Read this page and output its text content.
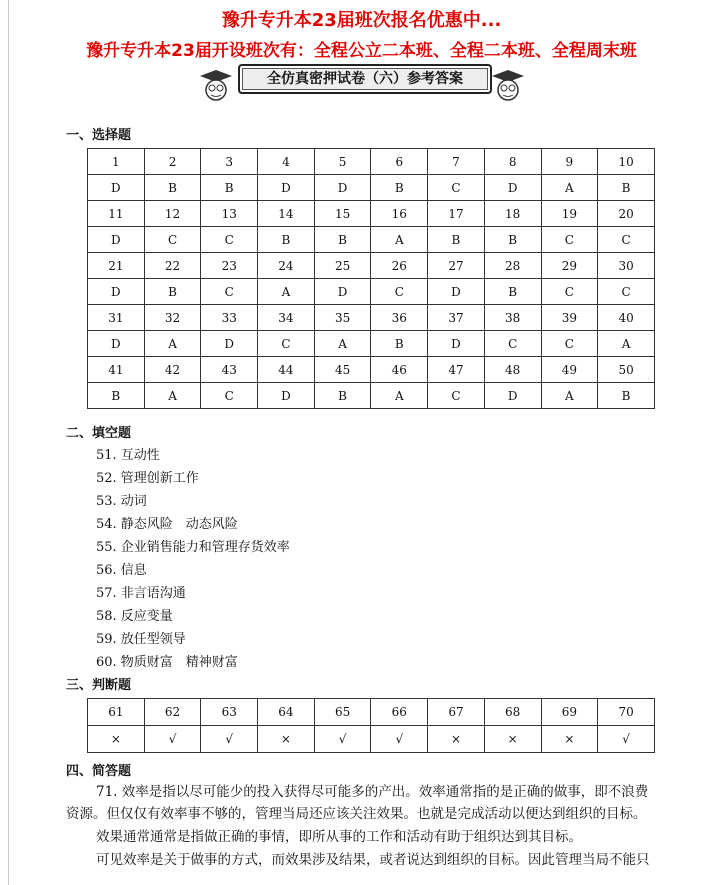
豫升专升本23届班次报名优惠中...
豫升专升本23届开设班次有：全程公立二本班、全程二本班、全程周末班
全仿真密押试卷（六）参考答案
一、选择题
1	2	3	4	5	6	7	8	9	10
D	B	B	D	D	B	C	D	A	B
11	12	13	14	15	16	17	18	19	20
D	C	C	B	B	A	B	B	C	C
21	22	23	24	25	26	27	28	29	30
D	B	C	A	D	C	D	B	C	C
31	32	33	34	35	36	37	38	39	40
D	A	D	C	A	B	D	C	C	A
41	42	43	44	45	46	47	48	49	50
B	A	C	D	B	A	C	D	A	B
二、填空题
51. 互动性
52. 管理创新工作
53. 动词
54. 静态风险　动态风险
55. 企业销售能力和管理存货效率
56. 信息
57. 非言语沟通
58. 反应变量
59. 放任型领导
60. 物质财富　精神财富
三、判断题
61	62	63	64	65	66	67	68	69	70
×	√	√	×	√	√	×	×	×	√
四、简答题
71. 效率是指以尽可能少的投入获得尽可能多的产出。效率通常指的是正确的做事，即不浪费
资源。但仅仅有效率事不够的，管理当局还应该关注效果。也就是完成活动以便达到组织的目标。
效果通常通常是指做正确的事情，即所从事的工作和活动有助于组织达到其目标。
可见效率是关于做事的方式，而效果涉及结果，或者说达到组织的目标。因此管理当局不能只
